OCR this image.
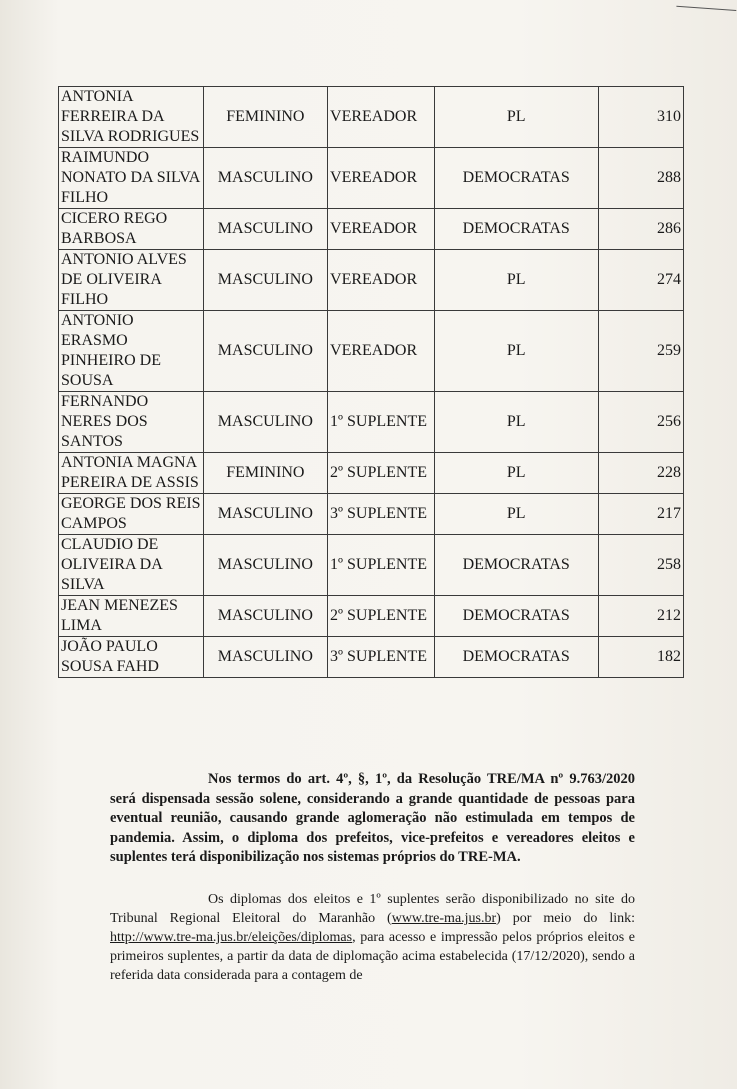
ANTONIA FERREIRA DA SILVA RODRIGUES	FEMININO	VEREADOR	PL	310
RAIMUNDO NONATO DA SILVA FILHO	MASCULINO	VEREADOR	DEMOCRATAS	288
CICERO REGO BARBOSA	MASCULINO	VEREADOR	DEMOCRATAS	286
ANTONIO ALVES DE OLIVEIRA FILHO	MASCULINO	VEREADOR	PL	274
ANTONIO ERASMO PINHEIRO DE SOUSA	MASCULINO	VEREADOR	PL	259
FERNANDO NERES DOS SANTOS	MASCULINO	1º SUPLENTE	PL	256
ANTONIA MAGNA PEREIRA DE ASSIS	FEMININO	2º SUPLENTE	PL	228
GEORGE DOS REIS CAMPOS	MASCULINO	3º SUPLENTE	PL	217
CLAUDIO DE OLIVEIRA DA SILVA	MASCULINO	1º SUPLENTE	DEMOCRATAS	258
JEAN MENEZES LIMA	MASCULINO	2º SUPLENTE	DEMOCRATAS	212
JOÃO PAULO SOUSA FAHD	MASCULINO	3º SUPLENTE	DEMOCRATAS	182
Nos termos do art. 4º, §, 1º, da Resolução TRE/MA nº 9.763/2020 será dispensada sessão solene, considerando a grande quantidade de pessoas para eventual reunião, causando grande aglomeração não estimulada em tempos de pandemia. Assim, o diploma dos prefeitos, vice-prefeitos e vereadores eleitos e suplentes terá disponibilização nos sistemas próprios do TRE-MA.
Os diplomas dos eleitos e 1º suplentes serão disponibilizado no site do Tribunal Regional Eleitoral do Maranhão (www.tre-ma.jus.br) por meio do link: http://www.tre-ma.jus.br/eleições/diplomas, para acesso e impressão pelos próprios eleitos e primeiros suplentes, a partir da data de diplomação acima estabelecida (17/12/2020), sendo a referida data considerada para a contagem de
